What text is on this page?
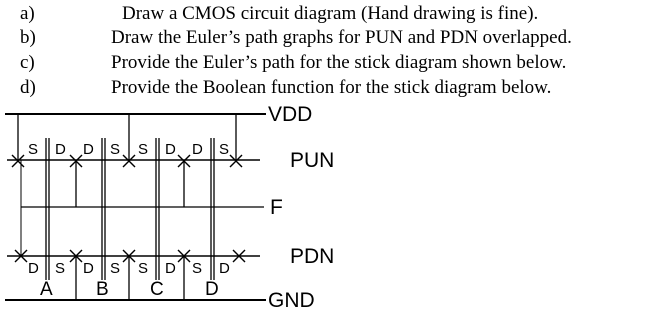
a)	Draw a CMOS circuit diagram (Hand drawing is fine).
b)	Draw the Euler’s path graphs for PUN and PDN overlapped.
c)	Provide the Euler’s path for the stick diagram shown below.
d)	Provide the Boolean function for the stick diagram below.
VDD
GND
PUN
PDN
F
S D D S S D D S
D S D S S D S D
A B C D
